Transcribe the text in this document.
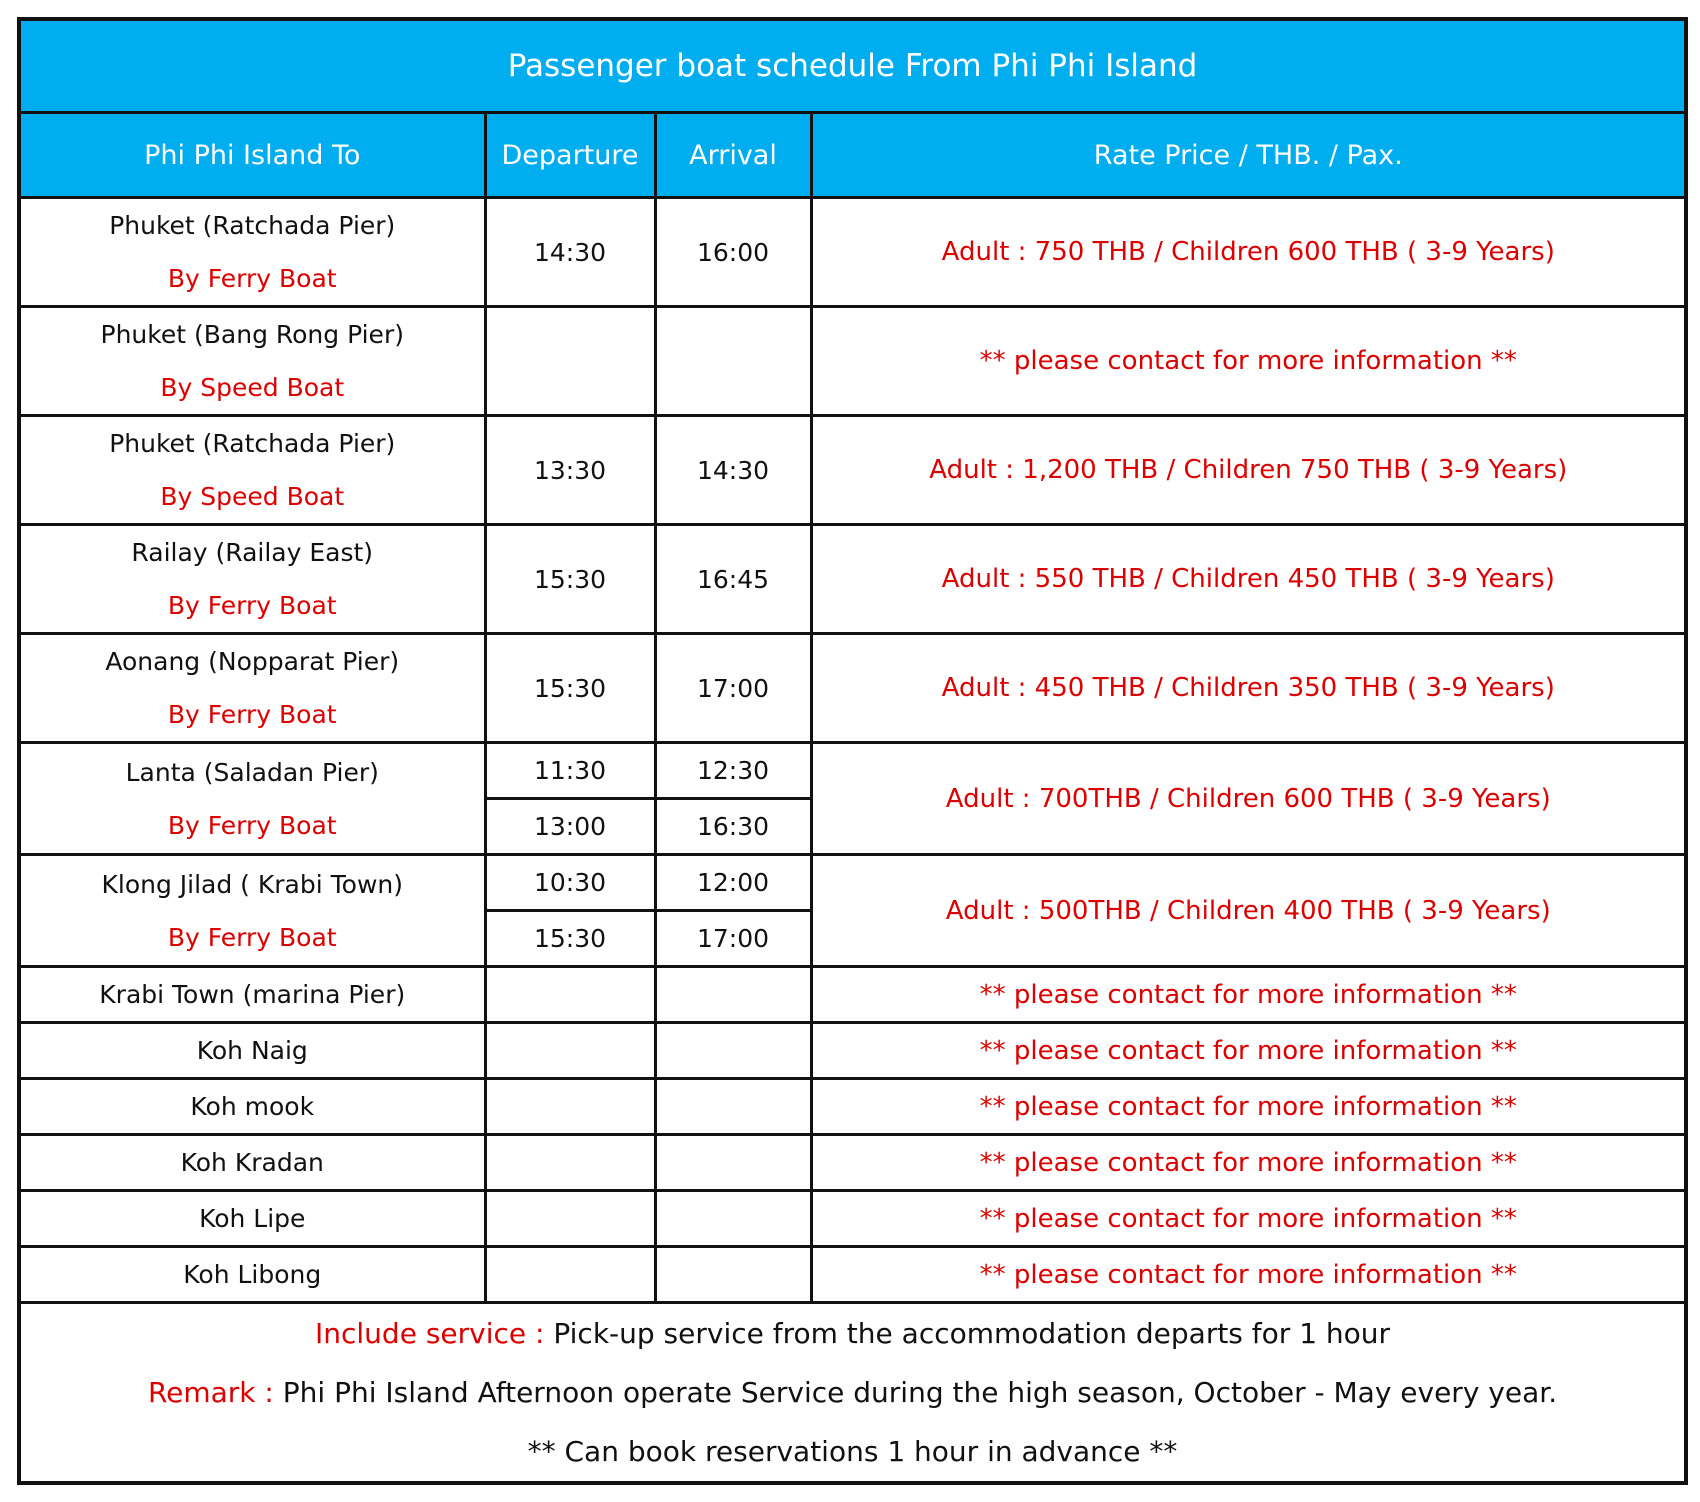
Passenger boat schedule From Phi Phi Island			
Phi Phi Island To	Departure	Arrival	Rate Price / THB. / Pax.

Phuket (Ratchada Pier)
By Ferry Boat	14:30	16:00	Adult : 750 THB / Children 600 THB ( 3-9 Years)

Phuket (Bang Rong Pier)
By Speed Boat			** please contact for more information **

Phuket (Ratchada Pier)
By Speed Boat	13:30	14:30	Adult : 1,200 THB / Children 750 THB ( 3-9 Years)

Railay (Railay East)
By Ferry Boat	15:30	16:45	Adult : 550 THB / Children 450 THB ( 3-9 Years)

Aonang (Nopparat Pier)
By Ferry Boat	15:30	17:00	Adult : 450 THB / Children 350 THB ( 3-9 Years)

Lanta (Saladan Pier)
By Ferry Boat	11:30	12:30	Adult : 700THB / Children 600 THB ( 3-9 Years)
	13:00	16:30	

Klong Jilad ( Krabi Town)
By Ferry Boat	10:30	12:00	Adult : 500THB / Children 400 THB ( 3-9 Years)
	15:30	17:00	
Krabi Town (marina Pier)			** please contact for more information **
Koh Naig			** please contact for more information **
Koh mook			** please contact for more information **
Koh Kradan			** please contact for more information **
Koh Lipe			** please contact for more information **
Koh Libong			** please contact for more information **

Include service : Pick-up service from the accommodation departs for 1 hour
Remark : Phi Phi Island Afternoon operate Service during the high season, October - May every year.
** Can book reservations 1 hour in advance **			
